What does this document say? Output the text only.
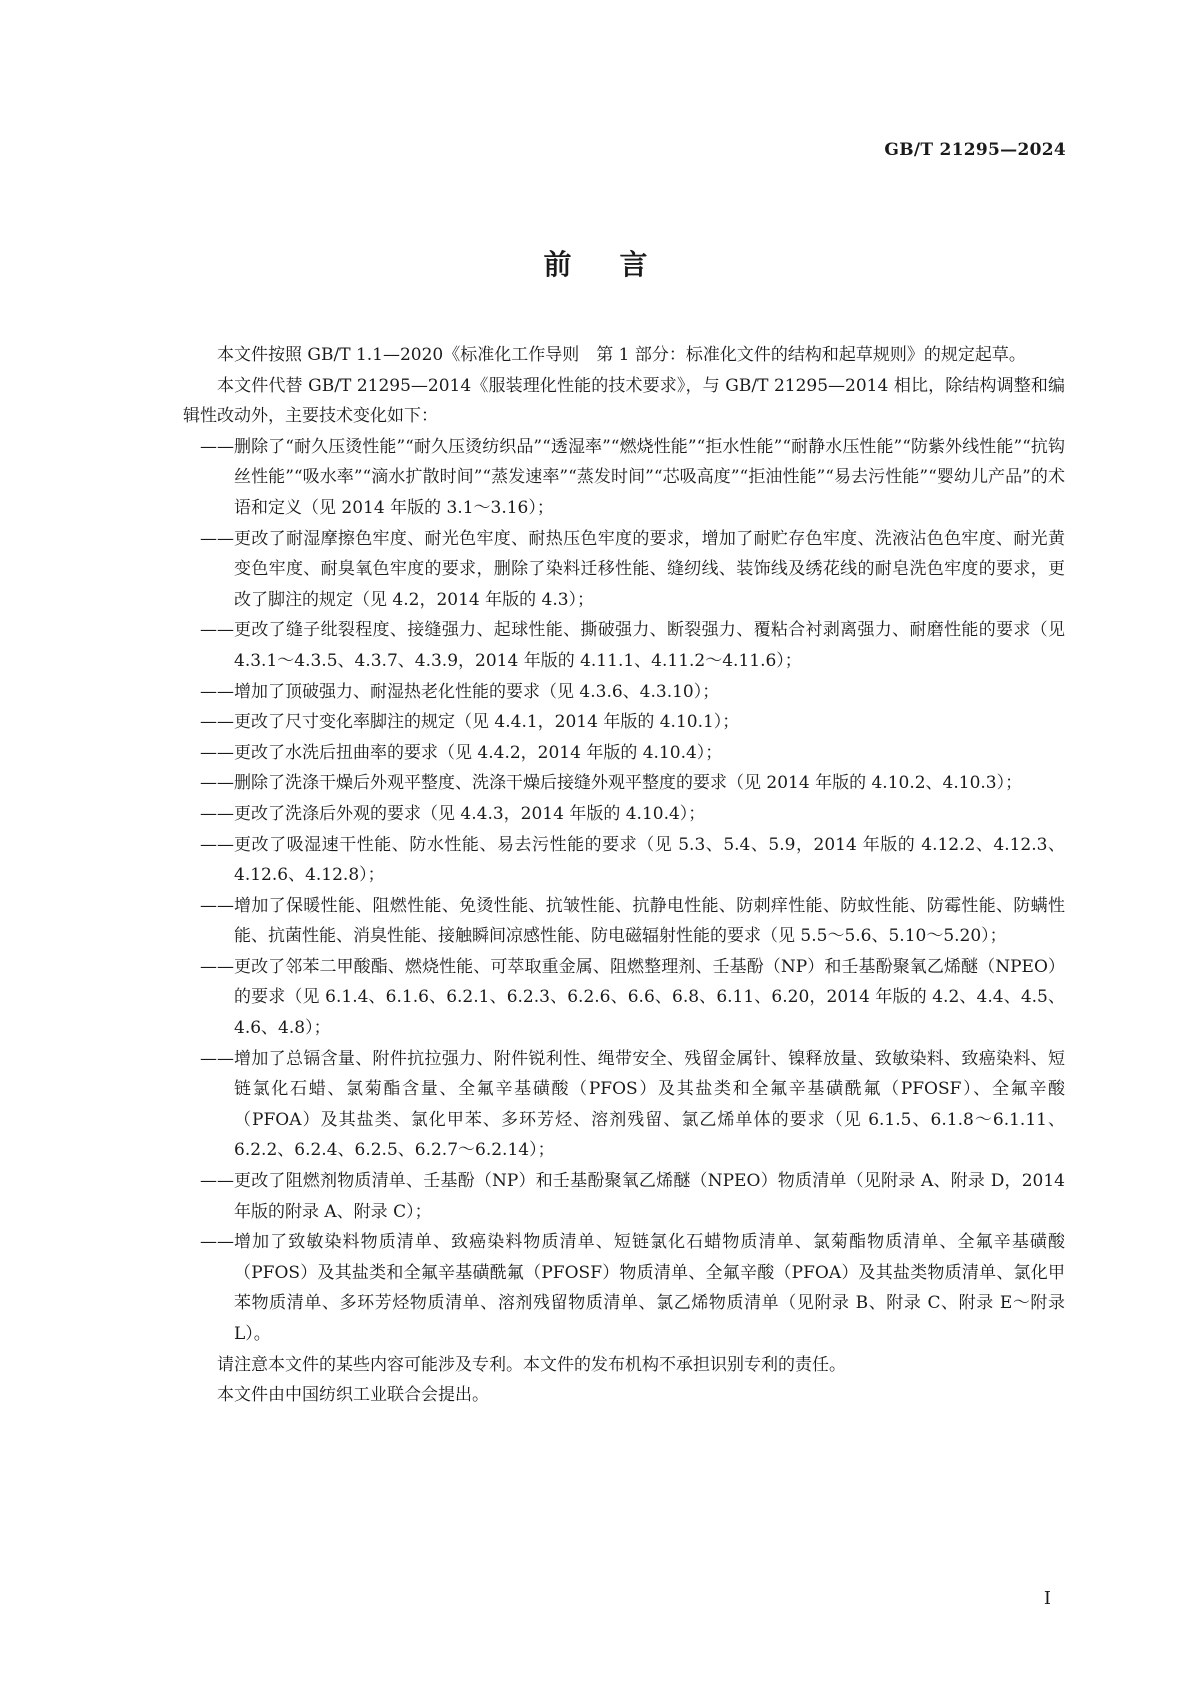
GB/T 21295—2024
前言

本文件按照 GB/T 1.1—2020《标准化工作导则　第 1 部分：标准化文件的结构和起草规则》的规定起草。

本文件代替 GB/T 21295—2014《服装理化性能的技术要求》，与 GB/T 21295—2014 相比，除结构调整和编辑性改动外，主要技术变化如下：

—— 删除了“耐久压烫性能”“耐久压烫纺织品”“透湿率”“燃烧性能”“拒水性能”“耐静水压性能”“防紫外线性能”“抗钩丝性能”“吸水率”“滴水扩散时间”“蒸发速率”“蒸发时间”“芯吸高度”“拒油性能”“易去污性能”“婴幼儿产品”的术语和定义（见 2014 年版的 3.1～3.16）；
—— 更改了耐湿摩擦色牢度、耐光色牢度、耐热压色牢度的要求，增加了耐贮存色牢度、洗液沾色色牢度、耐光黄变色牢度、耐臭氧色牢度的要求，删除了染料迁移性能、缝纫线、装饰线及绣花线的耐皂洗色牢度的要求，更改了脚注的规定（见 4.2，2014 年版的 4.3）；
—— 更改了缝子纰裂程度、接缝强力、起球性能、撕破强力、断裂强力、覆粘合衬剥离强力、耐磨性能的要求（见 4.3.1～4.3.5、4.3.7、4.3.9，2014 年版的 4.11.1、4.11.2～4.11.6）；
—— 增加了顶破强力、耐湿热老化性能的要求（见 4.3.6、4.3.10）；
—— 更改了尺寸变化率脚注的规定（见 4.4.1，2014 年版的 4.10.1）；
—— 更改了水洗后扭曲率的要求（见 4.4.2，2014 年版的 4.10.4）；
—— 删除了洗涤干燥后外观平整度、洗涤干燥后接缝外观平整度的要求（见 2014 年版的 4.10.2、4.10.3）；
—— 更改了洗涤后外观的要求（见 4.4.3，2014 年版的 4.10.4）；
—— 更改了吸湿速干性能、防水性能、易去污性能的要求（见 5.3、5.4、5.9，2014 年版的 4.12.2、4.12.3、4.12.6、4.12.8）；
—— 增加了保暖性能、阻燃性能、免烫性能、抗皱性能、抗静电性能、防刺痒性能、防蚊性能、防霉性能、防螨性能、抗菌性能、消臭性能、接触瞬间凉感性能、防电磁辐射性能的要求（见 5.5～5.6、5.10～5.20）；
—— 更改了邻苯二甲酸酯、燃烧性能、可萃取重金属、阻燃整理剂、壬基酚（NP）和壬基酚聚氧乙烯醚（NPEO）的要求（见 6.1.4、6.1.6、6.2.1、6.2.3、6.2.6、6.6、6.8、6.11、6.20，2014 年版的 4.2、4.4、4.5、4.6、4.8）；
—— 增加了总镉含量、附件抗拉强力、附件锐利性、绳带安全、残留金属针、镍释放量、致敏染料、致癌染料、短链氯化石蜡、氯菊酯含量、全氟辛基磺酸（PFOS）及其盐类和全氟辛基磺酰氟（PFOSF）、全氟辛酸（PFOA）及其盐类、氯化甲苯、多环芳烃、溶剂残留、氯乙烯单体的要求（见 6.1.5、6.1.8～6.1.11、6.2.2、6.2.4、6.2.5、6.2.7～6.2.14）；
—— 更改了阻燃剂物质清单、壬基酚（NP）和壬基酚聚氧乙烯醚（NPEO）物质清单（见附录 A、附录 D，2014 年版的附录 A、附录 C）；
—— 增加了致敏染料物质清单、致癌染料物质清单、短链氯化石蜡物质清单、氯菊酯物质清单、全氟辛基磺酸（PFOS）及其盐类和全氟辛基磺酰氟（PFOSF）物质清单、全氟辛酸（PFOA）及其盐类物质清单、氯化甲苯物质清单、多环芳烃物质清单、溶剂残留物质清单、氯乙烯物质清单（见附录 B、附录 C、附录 E～附录 L）。

请注意本文件的某些内容可能涉及专利。本文件的发布机构不承担识别专利的责任。

本文件由中国纺织工业联合会提出。

I
